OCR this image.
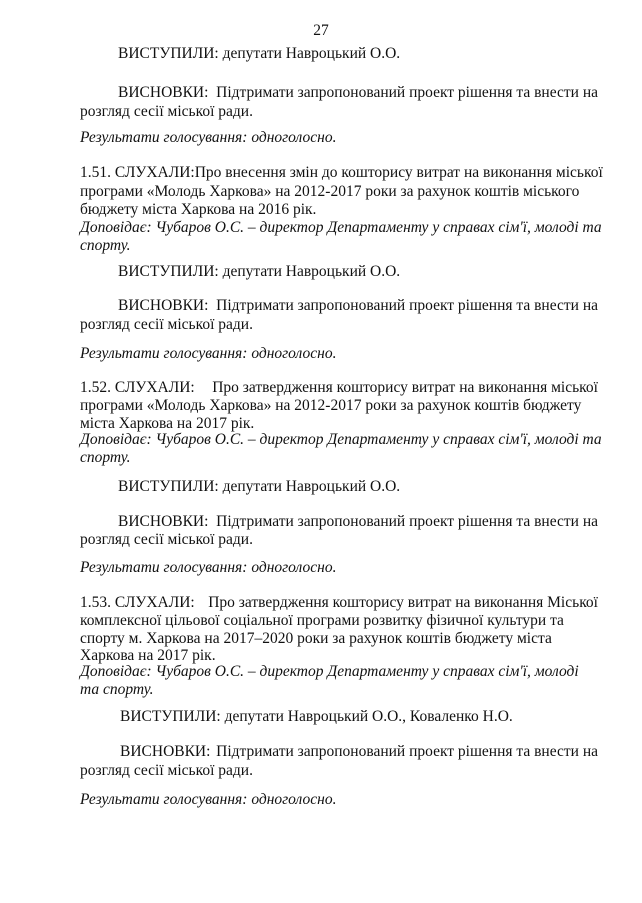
27
ВИСТУПИЛИ: депутати Навроцький О.О.
ВИСНОВКИ: Підтримати запропонований проект рішення та внести на
розгляд сесії міської ради.
Результати голосування: одноголосно.
1.51. СЛУХАЛИ: Про внесення змін до кошторису витрат на виконання міської
програми «Молодь Харкова» на 2012-2017 роки за рахунок коштів міського
бюджету міста Харкова на 2016 рік.
Доповідає: Чубаров О.С. – директор Департаменту у справах сім'ї, молоді та
спорту.
ВИСТУПИЛИ: депутати Навроцький О.О.
ВИСНОВКИ: Підтримати запропонований проект рішення та внести на
розгляд сесії міської ради.
Результати голосування: одноголосно.
1.52. СЛУХАЛИ: Про затвердження кошторису витрат на виконання міської
програми «Молодь Харкова» на 2012-2017 роки за рахунок коштів бюджету
міста Харкова на 2017 рік.
Доповідає: Чубаров О.С. – директор Департаменту у справах сім'ї, молоді та
спорту.
ВИСТУПИЛИ: депутати Навроцький О.О.
ВИСНОВКИ: Підтримати запропонований проект рішення та внести на
розгляд сесії міської ради.
Результати голосування: одноголосно.
1.53. СЛУХАЛИ: Про затвердження кошторису витрат на виконання Міської
комплексної цільової соціальної програми розвитку фізичної культури та
спорту м. Харкова на 2017–2020 роки за рахунок коштів бюджету міста
Харкова на 2017 рік.
Доповідає: Чубаров О.С. – директор Департаменту у справах сім'ї, молоді
та спорту.
ВИСТУПИЛИ: депутати Навроцький О.О., Коваленко Н.О.
ВИСНОВКИ: Підтримати запропонований проект рішення та внести на
розгляд сесії міської ради.
Результати голосування: одноголосно.
